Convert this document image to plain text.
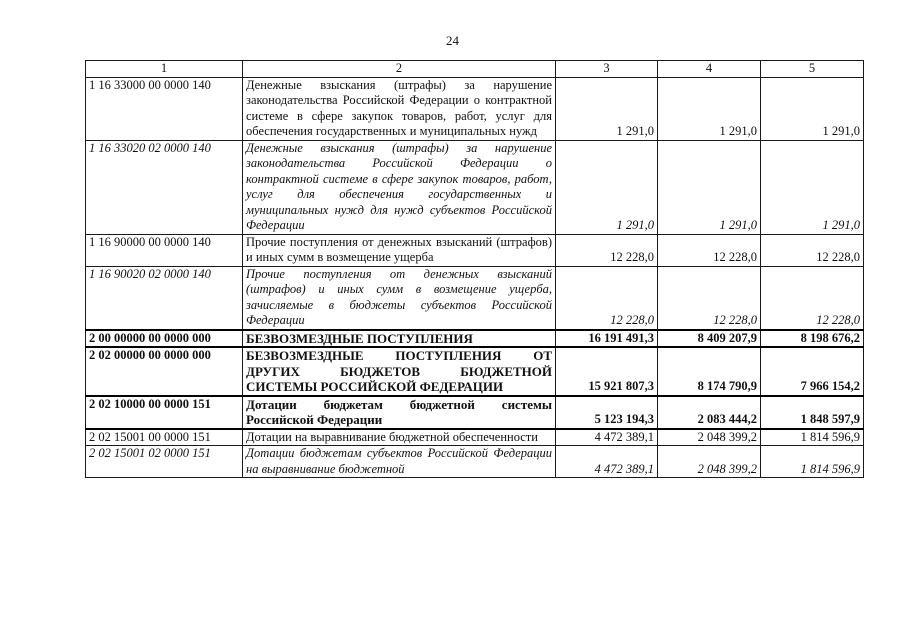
24
1	2	3	4	5
1 16 33000 00 0000 140	Денежные взыскания (штрафы) за нарушение законодательства Российской Федерации о контрактной системе в сфере закупок товаров, работ, услуг для обеспечения государственных и муниципальных нужд	1 291,0	1 291,0	1 291,0
1 16 33020 02 0000 140	Денежные взыскания (штрафы) за нарушение законодательства Российской Федерации о контрактной системе в сфере закупок товаров, работ, услуг для обеспечения государственных и муниципальных нужд для нужд субъектов Российской Федерации	1 291,0	1 291,0	1 291,0
1 16 90000 00 0000 140	Прочие поступления от денежных взысканий (штрафов) и иных сумм в возмещение ущерба	12 228,0	12 228,0	12 228,0
1 16 90020 02 0000 140	Прочие поступления от денежных взысканий (штрафов) и иных сумм в возмещение ущерба, зачисляемые в бюджеты субъектов Российской Федерации	12 228,0	12 228,0	12 228,0
2 00 00000 00 0000 000	БЕЗВОЗМЕЗДНЫЕ ПОСТУПЛЕНИЯ	16 191 491,3	8 409 207,9	8 198 676,2
2 02 00000 00 0000 000	БЕЗВОЗМЕЗДНЫЕ ПОСТУПЛЕНИЯ ОТ ДРУГИХ БЮДЖЕТОВ БЮДЖЕТНОЙ СИСТЕМЫ РОССИЙСКОЙ ФЕДЕРАЦИИ	15 921 807,3	8 174 790,9	7 966 154,2
2 02 10000 00 0000 151	Дотации бюджетам бюджетной системы Российской Федерации	5 123 194,3	2 083 444,2	1 848 597,9
2 02 15001 00 0000 151	Дотации на выравнивание бюджетной обеспеченности	4 472 389,1	2 048 399,2	1 814 596,9
2 02 15001 02 0000 151	Дотации бюджетам субъектов Российской Федерации на выравнивание бюджетной	4 472 389,1	2 048 399,2	1 814 596,9
